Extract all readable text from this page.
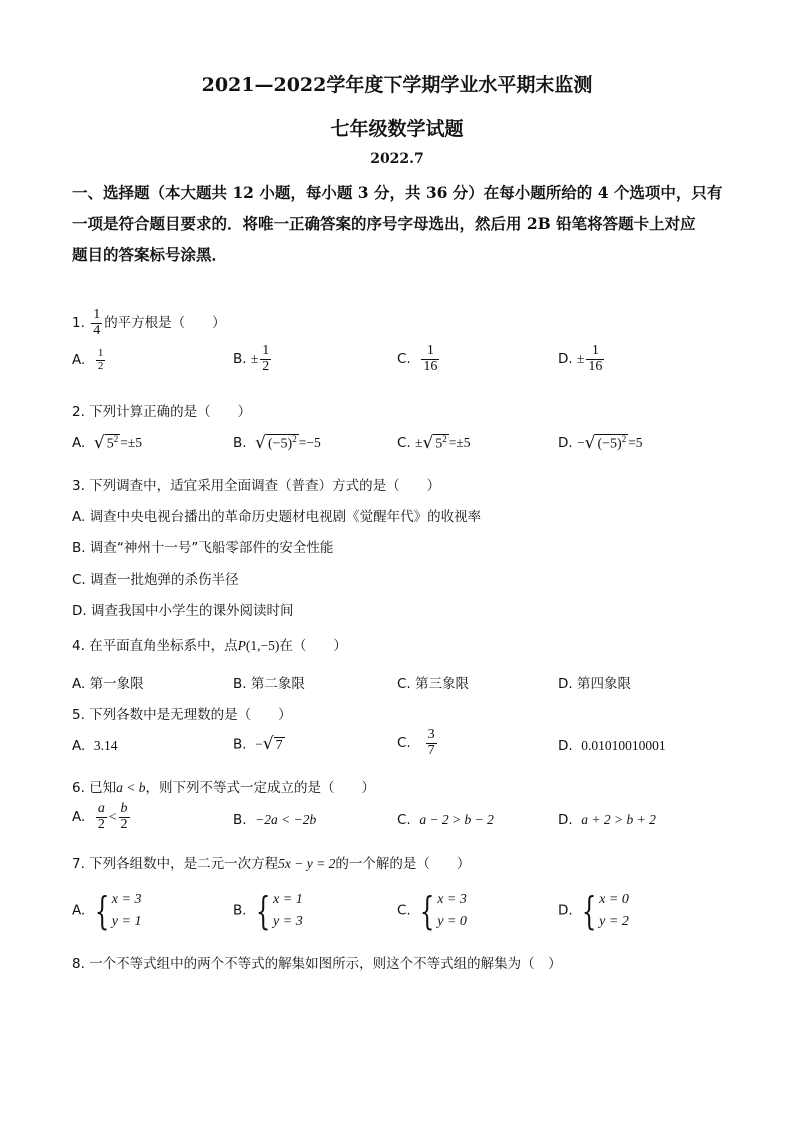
2021—2022学年度下学期学业水平期末监测
七年级数学试题
2022.7
一、选择题（本大题共 12 小题，每小题 3 分，共 36 分）在每小题所给的 4 个选项中，只有
一项是符合题目要求的．将唯一正确答案的序号字母选出，然后用 2B 铅笔将答题卡上对应
题目的答案标号涂黑．
1. $\frac{1}{4}$ 的平方根是（　　）
A. $\frac{1}{2}$	B. ± $\frac{1}{2}$	C. $\frac{1}{16}$	D. ± $\frac{1}{16}$
2. 下列计算正确的是（　　）
A. √ $5^2 =\pm 5$	B. √ $(-5)^2 =-5$	C. ± √ $5^2 =\pm 5$	D. − √ $(-5)^2 =5$
3. 下列调查中，适宜采用全面调查（普查）方式的是（　　）
A. 调查中央电视台播出的革命历史题材电视剧《觉醒年代》的收视率
B. 调查“神州十一号”飞船零部件的安全性能
C. 调查一批炮弹的杀伤半径
D. 调查我国中小学生的课外阅读时间
4. 在平面直角坐标系中，点P(1,−5)在（　　）
A. 第一象限	B. 第二象限	C. 第三象限	D. 第四象限
5. 下列各数中是无理数的是（　　）
A. 3.14	B. − √ 7	C. $\frac{3}{7}$	D. 0.01010010001
6. 已知a < b，则下列不等式一定成立的是（　　）
A. $\frac{a}{2} < \frac{b}{2}$	B. −2a < −2b	C. a − 2 > b − 2	D. a + 2 > b + 2
7. 下列各组数中，是二元一次方程5x − y = 2的一个解的是（　　）
A. { x = 3
y = 1
B. { x = 1
y = 3
C. { x = 3
y = 0
D. { x = 0
y = 2
8. 一个不等式组中的两个不等式的解集如图所示，则这个不等式组的解集为（　）
